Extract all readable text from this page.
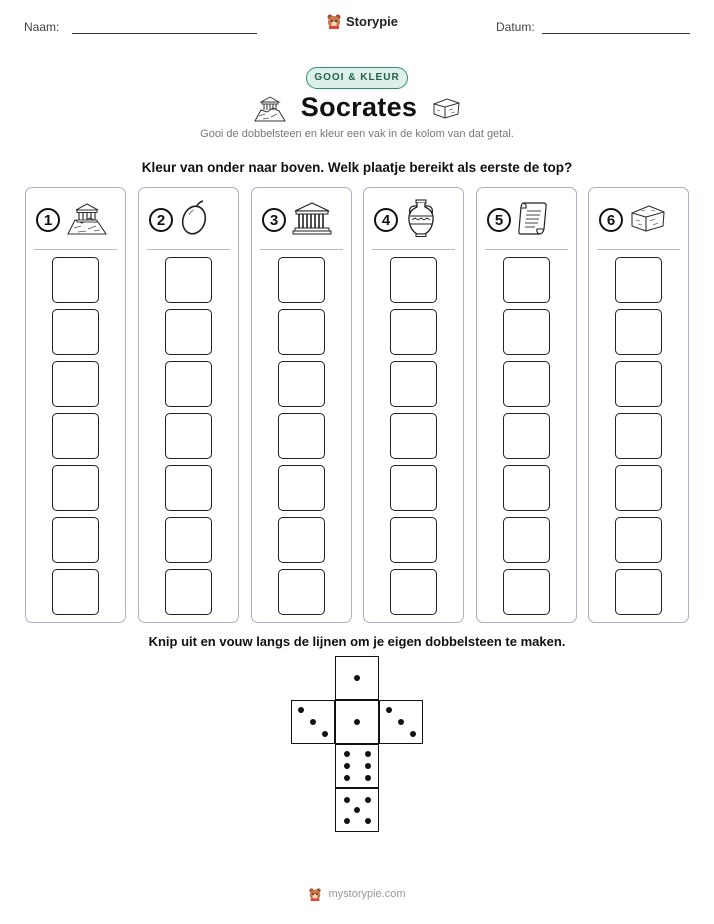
Naam:	Storypie	Datum:
GOOI & KLEUR
Socrates
Gooi de dobbelsteen en kleur een vak in de kolom van dat getal.
Kleur van onder naar boven. Welk plaatje bereikt als eerste de top?
1	2	3	4	5	6
Knip uit en vouw langs de lijnen om je eigen dobbelsteen te maken.
mystorypie.com
